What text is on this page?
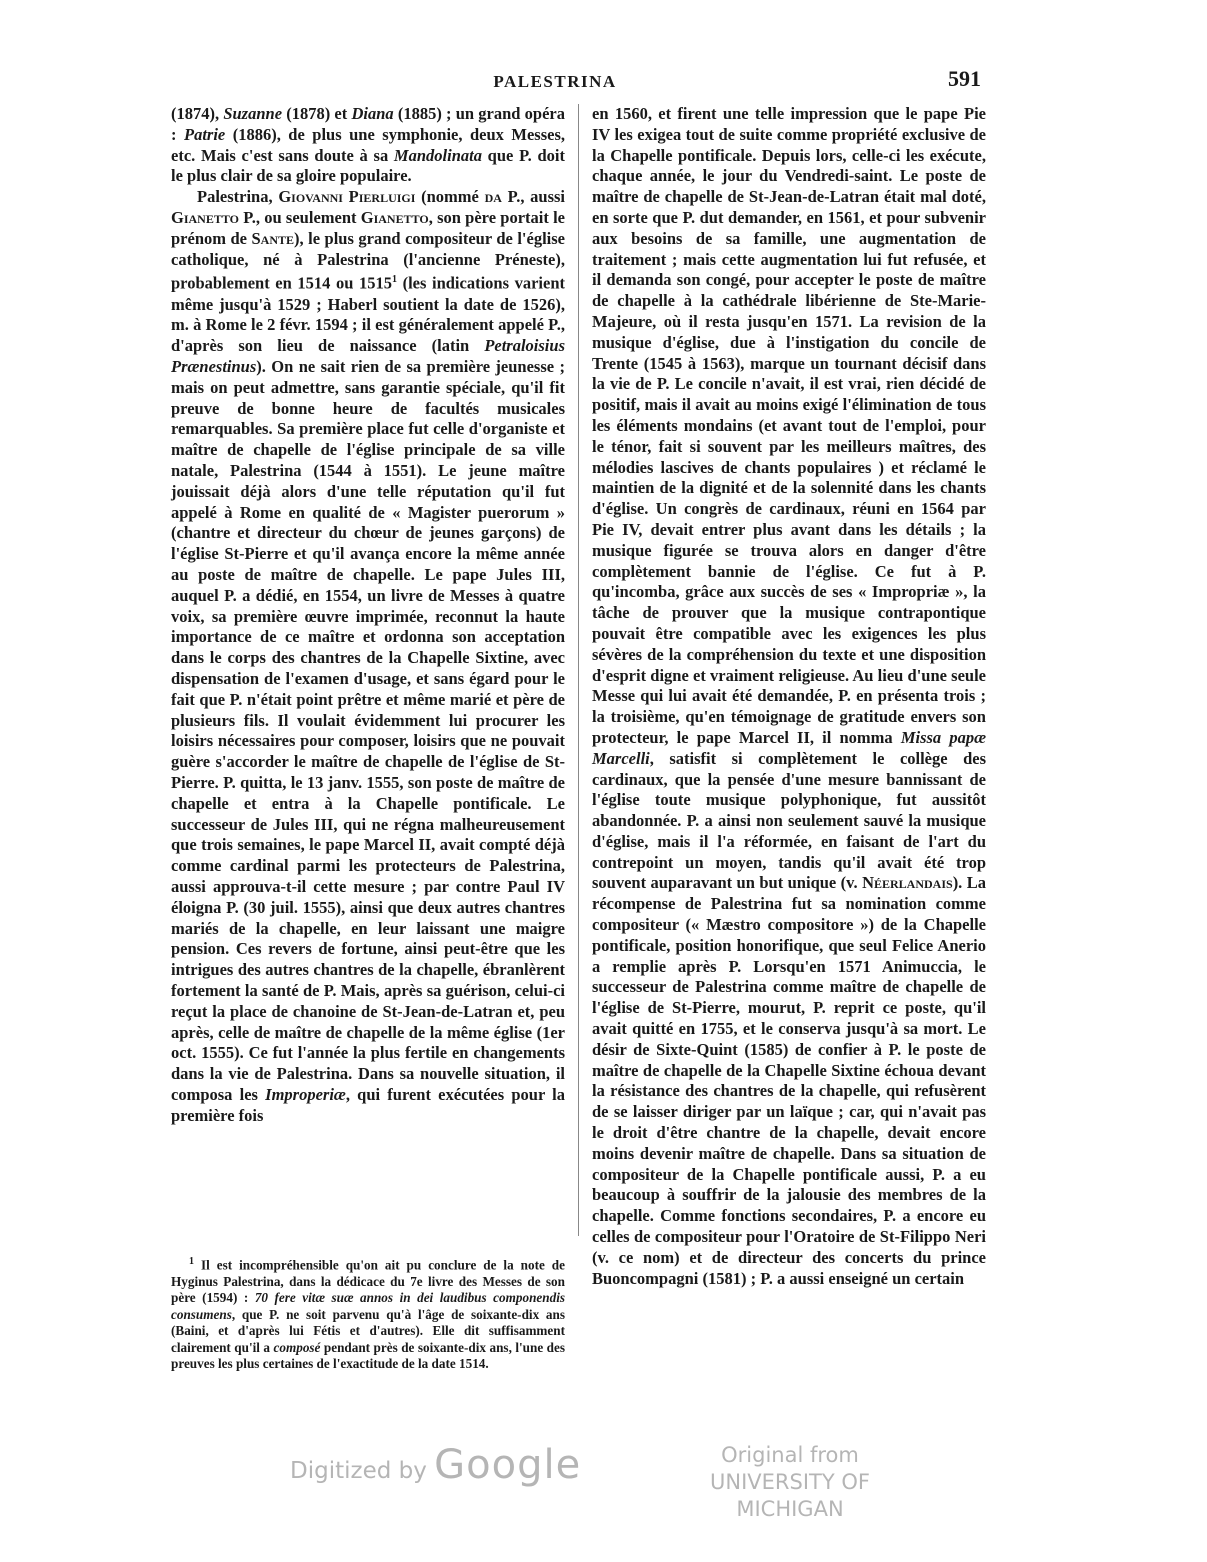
PALESTRINA	591

(1874), Suzanne (1878) et Diana (1885) ; un grand opéra : Patrie (1886), de plus une symphonie, deux Messes, etc. Mais c'est sans doute à sa Mandolinata que P. doit le plus clair de sa gloire populaire.

Palestrina, Giovanni Pierluigi (nommé da P., aussi Gianetto P., ou seulement Gianetto, son père portait le prénom de Sante), le plus grand compositeur de l'église catholique, né à Palestrina (l'ancienne Préneste), probablement en 1514 ou 1515$^1$ (les indications varient même jusqu'à 1529 ; Haberl soutient la date de 1526), m. à Rome le 2 févr. 1594 ; il est généralement appelé P., d'après son lieu de naissance (latin Petraloisius Prænestinus). On ne sait rien de sa première jeunesse ; mais on peut admettre, sans garantie spéciale, qu'il fit preuve de bonne heure de facultés musicales remarquables. Sa première place fut celle d'organiste et maître de chapelle de l'église principale de sa ville natale, Palestrina (1544 à 1551). Le jeune maître jouissait déjà alors d'une telle réputation qu'il fut appelé à Rome en qualité de « Magister puerorum » (chantre et directeur du chœur de jeunes garçons) de l'église St-Pierre et qu'il avança encore la même année au poste de maître de chapelle. Le pape Jules III, auquel P. a dédié, en 1554, un livre de Messes à quatre voix, sa première œuvre imprimée, reconnut la haute importance de ce maître et ordonna son acceptation dans le corps des chantres de la Chapelle Sixtine, avec dispensation de l'examen d'usage, et sans égard pour le fait que P. n'était point prêtre et même marié et père de plusieurs fils. Il voulait évidemment lui procurer les loisirs nécessaires pour composer, loisirs que ne pouvait guère s'accorder le maître de chapelle de l'église de St-Pierre. P. quitta, le 13 janv. 1555, son poste de maître de chapelle et entra à la Chapelle pontificale. Le successeur de Jules III, qui ne régna malheureusement que trois semaines, le pape Marcel II, avait compté déjà comme cardinal parmi les protecteurs de Palestrina, aussi approuva-t-il cette mesure ; par contre Paul IV éloigna P. (30 juil. 1555), ainsi que deux autres chantres mariés de la chapelle, en leur laissant une maigre pension. Ces revers de fortune, ainsi peut-être que les intrigues des autres chantres de la chapelle, ébranlèrent fortement la santé de P. Mais, après sa guérison, celui-ci reçut la place de chanoine de St-Jean-de-Latran et, peu après, celle de maître de chapelle de la même église (1er oct. 1555). Ce fut l'année la plus fertile en changements dans la vie de Palestrina. Dans sa nouvelle situation, il composa les Improperiæ, qui furent exécutées pour la première fois

$^1$ Il est incompréhensible qu'on ait pu conclure de la note de Hyginus Palestrina, dans la dédicace du 7e livre des Messes de son père (1594) : 70 fere vitæ suæ annos in dei laudibus componendis consumens, que P. ne soit parvenu qu'à l'âge de soixante-dix ans (Baini, et d'après lui Fétis et d'autres). Elle dit suffisamment clairement qu'il a composé pendant près de soixante-dix ans, l'une des preuves les plus certaines de l'exactitude de la date 1514.

en 1560, et firent une telle impression que le pape Pie IV les exigea tout de suite comme propriété exclusive de la Chapelle pontificale. Depuis lors, celle-ci les exécute, chaque année, le jour du Vendredi-saint. Le poste de maître de chapelle de St-Jean-de-Latran était mal doté, en sorte que P. dut demander, en 1561, et pour subvenir aux besoins de sa famille, une augmentation de traitement ; mais cette augmentation lui fut refusée, et il demanda son congé, pour accepter le poste de maître de chapelle à la cathédrale libérienne de Ste-Marie-Majeure, où il resta jusqu'en 1571. La revision de la musique d'église, due à l'instigation du concile de Trente (1545 à 1563), marque un tournant décisif dans la vie de P. Le concile n'avait, il est vrai, rien décidé de positif, mais il avait au moins exigé l'élimination de tous les éléments mondains (et avant tout de l'emploi, pour le ténor, fait si souvent par les meilleurs maîtres, des mélodies lascives de chants populaires ) et réclamé le maintien de la dignité et de la solennité dans les chants d'église. Un congrès de cardinaux, réuni en 1564 par Pie IV, devait entrer plus avant dans les détails ; la musique figurée se trouva alors en danger d'être complètement bannie de l'église. Ce fut à P. qu'incomba, grâce aux succès de ses « Impropriæ », la tâche de prouver que la musique contrapontique pouvait être compatible avec les exigences les plus sévères de la compréhension du texte et une disposition d'esprit digne et vraiment religieuse. Au lieu d'une seule Messe qui lui avait été demandée, P. en présenta trois ; la troisième, qu'en témoignage de gratitude envers son protecteur, le pape Marcel II, il nomma Missa papæ Marcelli, satisfit si complètement le collège des cardinaux, que la pensée d'une mesure bannissant de l'église toute musique polyphonique, fut aussitôt abandonnée. P. a ainsi non seulement sauvé la musique d'église, mais il l'a réformée, en faisant de l'art du contrepoint un moyen, tandis qu'il avait été trop souvent auparavant un but unique (v. Néerlandais). La récompense de Palestrina fut sa nomination comme compositeur (« Mæstro compositore ») de la Chapelle pontificale, position honorifique, que seul Felice Anerio a remplie après P. Lorsqu'en 1571 Animuccia, le successeur de Palestrina comme maître de chapelle de l'église de St-Pierre, mourut, P. reprit ce poste, qu'il avait quitté en 1755, et le conserva jusqu'à sa mort. Le désir de Sixte-Quint (1585) de confier à P. le poste de maître de chapelle de la Chapelle Sixtine échoua devant la résistance des chantres de la chapelle, qui refusèrent de se laisser diriger par un laïque ; car, qui n'avait pas le droit d'être chantre de la chapelle, devait encore moins devenir maître de chapelle. Dans sa situation de compositeur de la Chapelle pontificale aussi, P. a eu beaucoup à souffrir de la jalousie des membres de la chapelle. Comme fonctions secondaires, P. a encore eu celles de compositeur pour l'Oratoire de St-Filippo Neri (v. ce nom) et de directeur des concerts du prince Buoncompagni (1581) ; P. a aussi enseigné un certain

Digitized by Google	Original from
UNIVERSITY OF MICHIGAN
